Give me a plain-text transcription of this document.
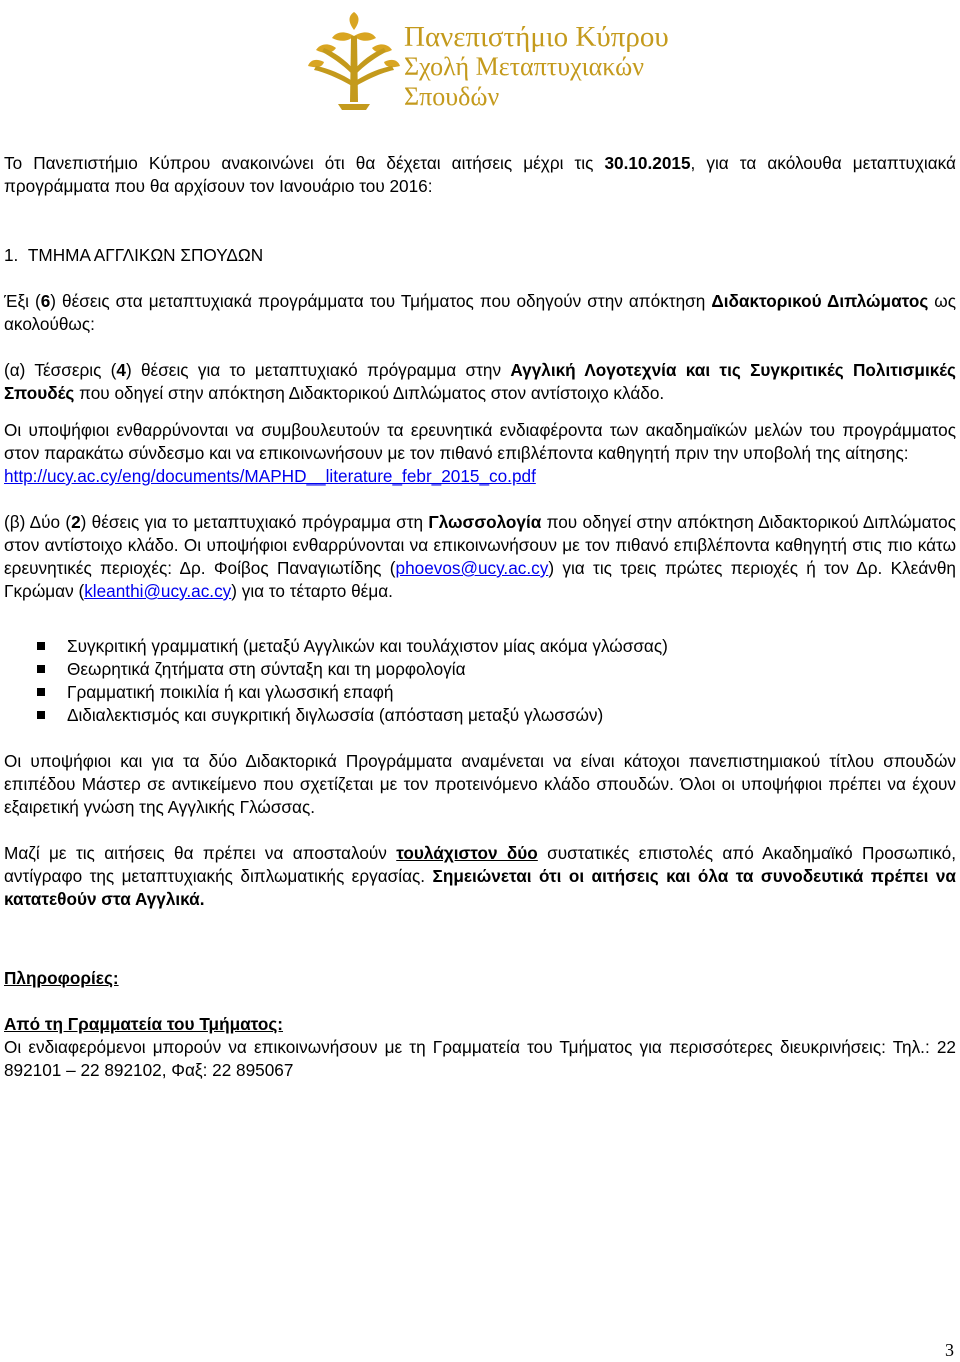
Πανεπιστήμιο Κύπρου
Σχολή Μεταπτυχιακών
Σπουδών

Το Πανεπιστήμιο Κύπρου ανακοινώνει ότι θα δέχεται αιτήσεις μέχρι τις 30.10.2015, για τα ακόλουθα μεταπτυχιακά προγράμματα που θα αρχίσουν τον Ιανουάριο του 2016:

1. ΤΜΗΜΑ ΑΓΓΛΙΚΩΝ ΣΠΟΥΔΩΝ

Έξι (6) θέσεις στα μεταπτυχιακά προγράμματα του Τμήματος που οδηγούν στην απόκτηση Διδακτορικού Διπλώματος ως ακολούθως:

(α) Τέσσερις (4) θέσεις για το μεταπτυχιακό πρόγραμμα στην Αγγλική Λογοτεχνία και τις Συγκριτικές Πολιτισμικές Σπουδές που οδηγεί στην απόκτηση Διδακτορικού Διπλώματος στον αντίστοιχο κλάδο.

Οι υποψήφιοι ενθαρρύνονται να συμβουλευτούν τα ερευνητικά ενδιαφέροντα των ακαδημαϊκών μελών του προγράμματος στον παρακάτω σύνδεσμο και να επικοινωνήσουν με τον πιθανό επιβλέποντα καθηγητή πριν την υποβολή της αίτησης:
http://ucy.ac.cy/eng/documents/MAPHD__literature_febr_2015_co.pdf

(β) Δύο (2) θέσεις για το μεταπτυχιακό πρόγραμμα στη Γλωσσολογία που οδηγεί στην απόκτηση Διδακτορικού Διπλώματος στον αντίστοιχο κλάδο. Οι υποψήφιοι ενθαρρύνονται να επικοινωνήσουν με τον πιθανό επιβλέποντα καθηγητή στις πιο κάτω ερευνητικές περιοχές: Δρ. Φοίβος Παναγιωτίδης (phoevos@ucy.ac.cy) για τις τρεις πρώτες περιοχές ή τον Δρ. Κλεάνθη Γκρώμαν (kleanthi@ucy.ac.cy) για το τέταρτο θέμα.

Συγκριτική γραμματική (μεταξύ Αγγλικών και τουλάχιστον μίας ακόμα γλώσσας)
Θεωρητικά ζητήματα στη σύνταξη και τη μορφολογία
Γραμματική ποικιλία ή και γλωσσική επαφή
Διδιαλεκτισμός και συγκριτική διγλωσσία (απόσταση μεταξύ γλωσσών)

Οι υποψήφιοι και για τα δύο Διδακτορικά Προγράμματα αναμένεται να είναι κάτοχοι πανεπιστημιακού τίτλου σπουδών επιπέδου Μάστερ σε αντικείμενο που σχετίζεται με τον προτεινόμενο κλάδο σπουδών. Όλοι οι υποψήφιοι πρέπει να έχουν εξαιρετική γνώση της Αγγλικής Γλώσσας.

Μαζί με τις αιτήσεις θα πρέπει να αποσταλούν τουλάχιστον δύο συστατικές επιστολές από Ακαδημαϊκό Προσωπικό, αντίγραφο της μεταπτυχιακής διπλωματικής εργασίας. Σημειώνεται ότι οι αιτήσεις και όλα τα συνοδευτικά πρέπει να κατατεθούν στα Αγγλικά.

Πληροφορίες:

Από τη Γραμματεία του Τμήματος:

Οι ενδιαφερόμενοι μπορούν να επικοινωνήσουν με τη Γραμματεία του Τμήματος για περισσότερες διευκρινήσεις: Τηλ.: 22 892101 – 22 892102, Φαξ: 22 895067

3
